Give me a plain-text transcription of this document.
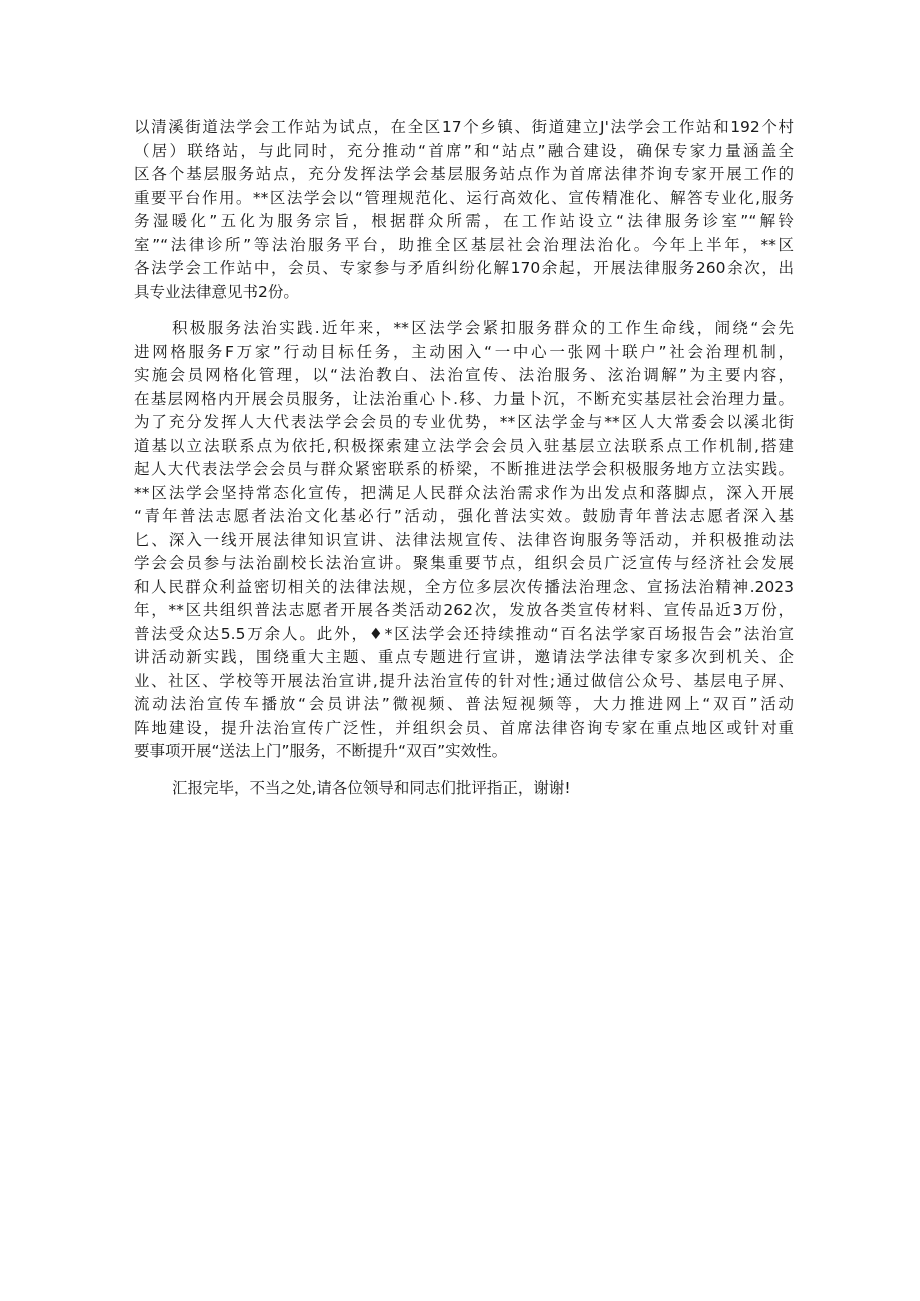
以清溪街道法学会工作站为试点，在全区17个乡镇、街道建立J'法学会工作站和192个村
（居）联络站，与此同时，充分推动“首席”和“站点”融合建设，确保专家力量涵盖全
区各个基层服务站点，充分发挥法学会基层服务站点作为首席法律芥询专家开展工作的
重要平台作用。**区法学会以“管理规范化、运行高效化、宣传精准化、解答专业化,服务
务湿暖化”五化为服务宗旨，根据群众所需，在工作站设立“法律服务诊室”“解铃
室”“法律诊所”等法治服务平台，助推全区基层社会治理法治化。今年上半年，**区
各法学会工作站中，会员、专家参与矛盾纠纷化解170余起，开展法律服务260余次，出
具专业法律意见书2份。
积极服务法治实践.近年来，**区法学会紧扣服务群众的工作生命线，闹绕“会先
进网格服务F万家”行动目标任务，主动困入“一中心一张网十联户”社会治理机制，
实施会员网格化管理，以“法治教白、法治宣传、法治服务、泫治调解”为主要内容，
在基层网格内开展会员服务，让法治重心卜.移、力量卜沉，不断充实基层社会治理力量。
为了充分发挥人大代表法学会会员的专业优势，**区法学金与**区人大常委会以溪北街
道基以立法联系点为依托,积极探索建立法学会会员入驻基层立法联系点工作机制,搭建
起人大代表法学会会员与群众紧密联系的桥梁，不断推进法学会积极服务地方立法实践。
**区法学会坚持常态化宣传，把满足人民群众法治需求作为出发点和落脚点，深入开展
“青年普法志愿者法治文化基必行”活动，强化普法实效。鼓励青年普法志愿者深入基
匕、深入一线开展法律知识宣讲、法律法规宣传、法律咨询服务等活动，并积极推动法
学会会员参与法治副校长法治宣讲。聚集重要节点，组织会员广泛宣传与经济社会发展
和人民群众利益密切相关的法律法规，全方位多层次传播法治理念、宣扬法治精神.2023
年，**区共组织普法志愿者开展各类活动262次，发放各类宣传材料、宣传品近3万份，
普法受众达5.5万余人。此外，♦*区法学会还持续推动“百名法学家百场报告会”法治宣
讲活动新实践，围绕重大主题、重点专题进行宣讲，邀请法学法律专家多次到机关、企
业、社区、学校等开展法治宣讲,提升法治宣传的针对性;通过做信公众号、基层电子屏、
流动法治宣传车播放“会员讲法”微视频、普法短视频等，大力推进网上“双百”活动
阵地建设，提升法治宣传广泛性，并组织会员、首席法律咨询专家在重点地区或针对重
要事项开展“送法上门”服务，不断提升“双百”实效性。
汇报完毕，不当之处,请各位领导和同志们批评指正，谢谢!
